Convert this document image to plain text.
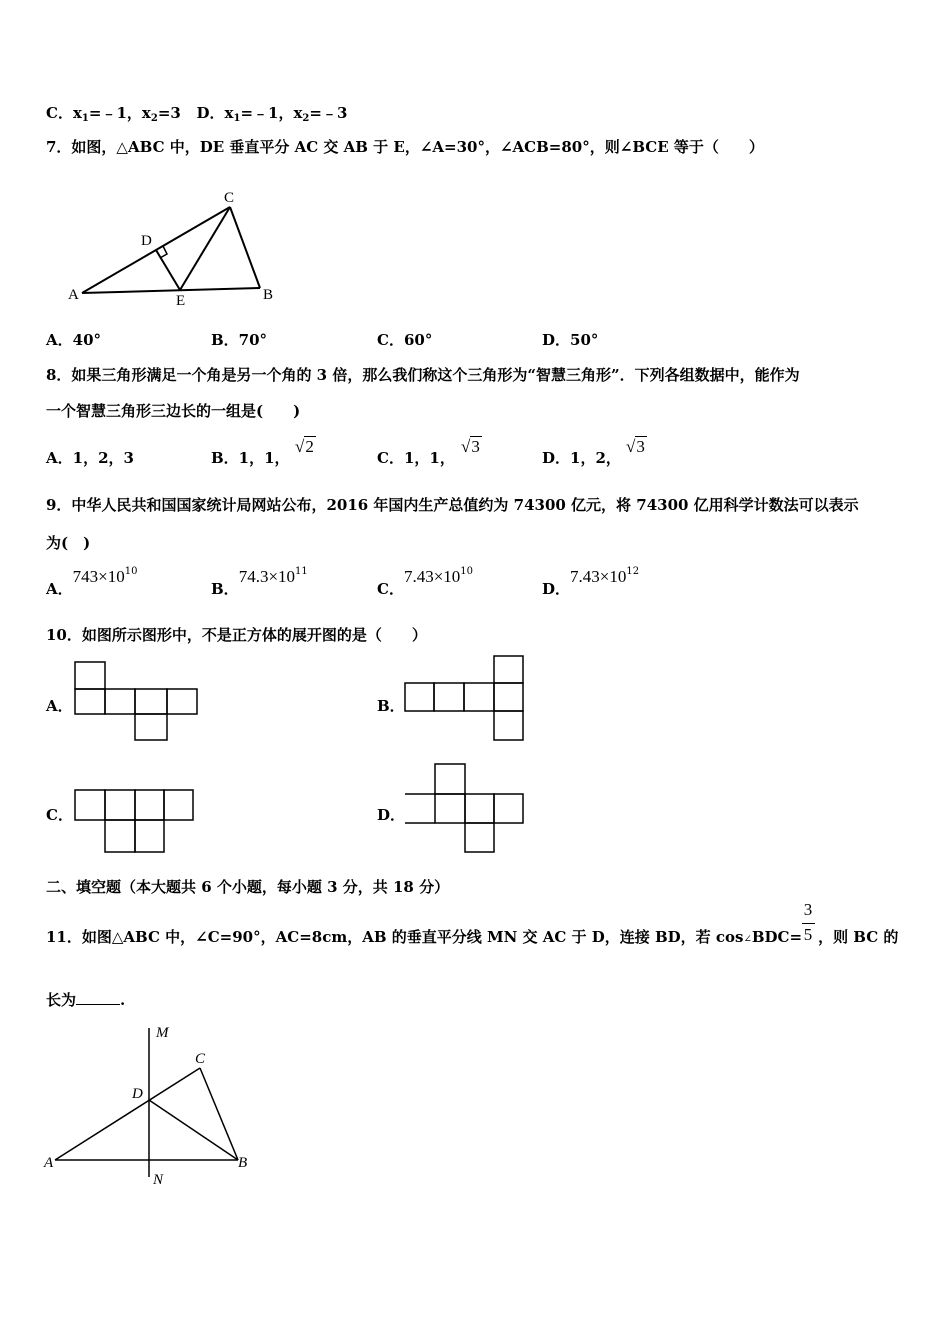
C．$x_1=﹣1$，$x_2=3$ D．$x_1=﹣1$，$x_2=﹣3$
7．如图，△ABC 中，DE 垂直平分 AC 交 AB 于 E，∠A=30°，∠ACB=80°，则∠BCE 等于（　　）
A	B
C
D
E
A．40°	B．70°	C．60°	D．50°
8．如果三角形满足一个角是另一个角的 3 倍，那么我们称这个三角形为“智慧三角形”．下列各组数据中，能作为
一个智慧三角形三边长的一组是(　　)
A．1，2，3	B．1，1，
√2
C．1，1，
√3
D．1，2，
√3
9．中华人民共和国国家统计局网站公布，2016 年国内生产总值约为 74300 亿元，将 74300 亿用科学计数法可以表示
为(　)
A．$743\times 10^{10}$
B．$74.3\times 10^{11}$
C．$7.43\times 10^{10}$
D．$7.43\times 10^{12}$
10．如图所示图形中，不是正方体的展开图的是（　　）
A．	B．
C．	D．
二、填空题（本大题共 6 个小题，每小题 3 分，共 18 分）
11．如图△ABC 中，∠C=90°，AC=8cm，AB 的垂直平分线 MN 交 AC 于 D，连接 BD，若 cos∠BDC= ，则 BC 的
3
5
长为	.
M
N
A	B
C
D
